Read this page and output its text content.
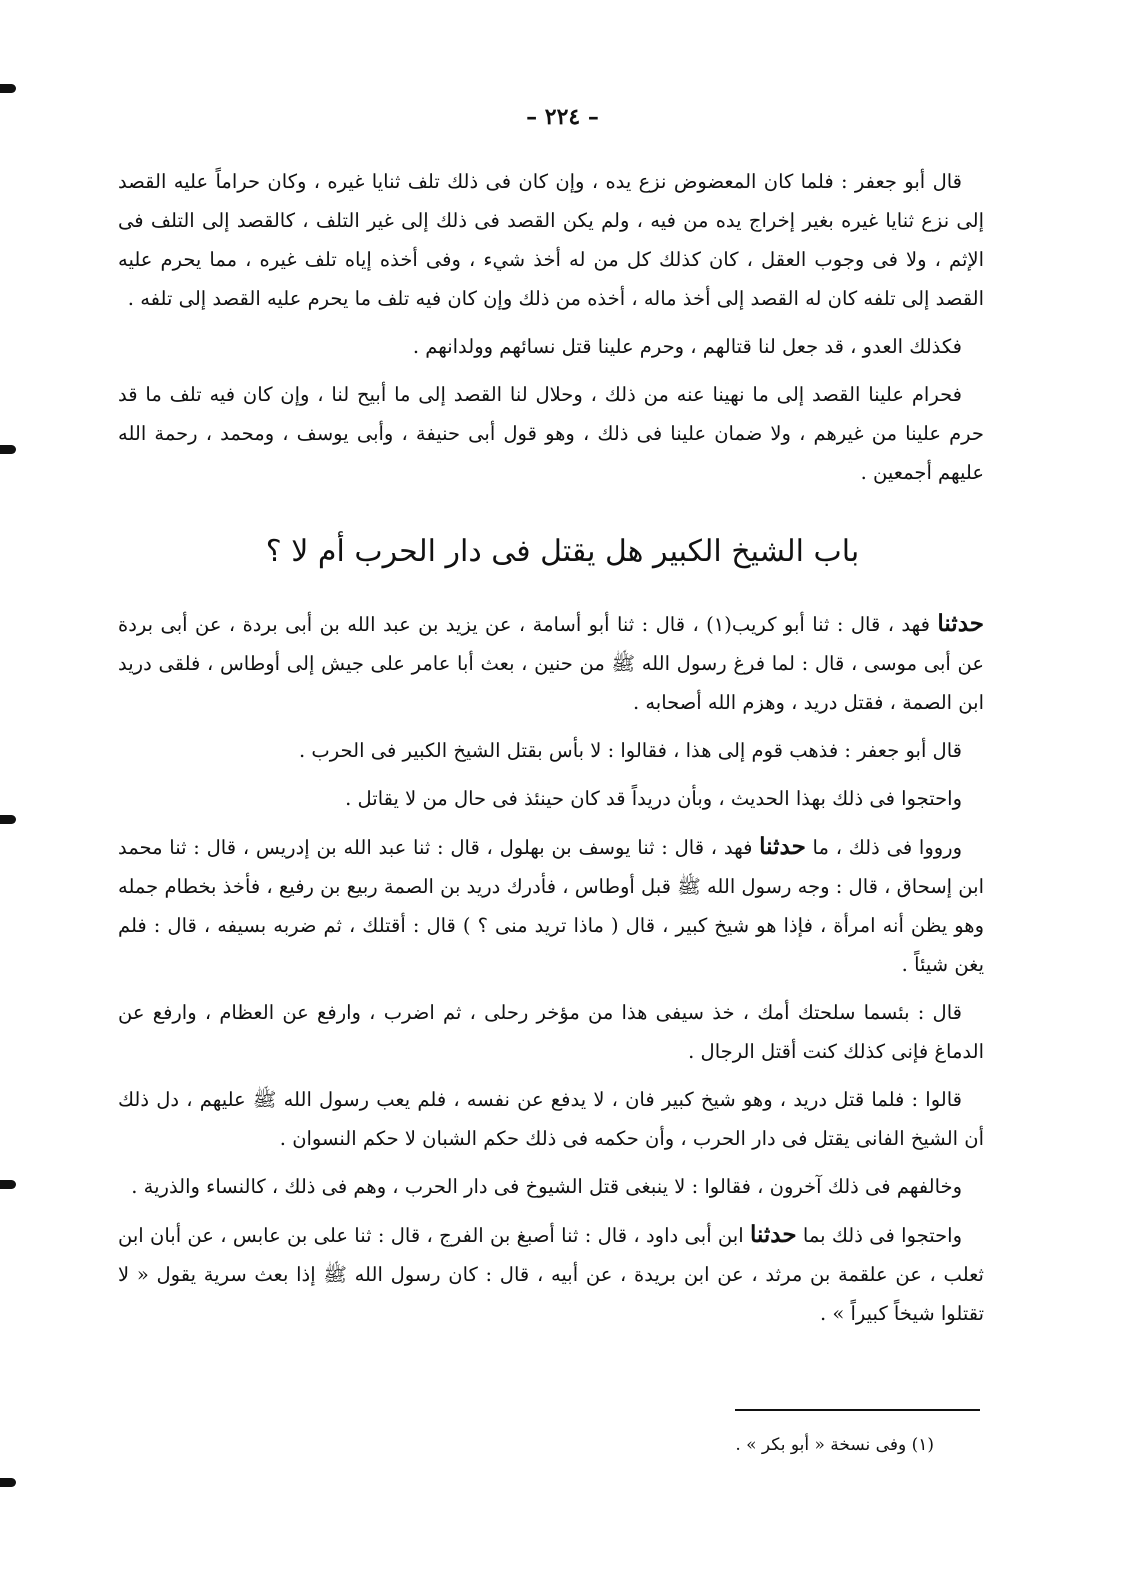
– ٢٢٤ –

قال أبو جعفر : فلما كان المعضوض نزع يده ، وإن كان فى ذلك تلف ثنايا غيره ، وكان حراماً عليه القصد إلى نزع ثنايا غيره بغير إخراج يده من فيه ، ولم يكن القصد فى ذلك إلى غير التلف ، كالقصد إلى التلف فى الإثم ، ولا فى وجوب العقل ، كان كذلك كل من له أخذ شيء ، وفى أخذه إياه تلف غيره ، مما يحرم عليه القصد إلى تلفه كان له القصد إلى أخذ ماله ، أخذه من ذلك وإن كان فيه تلف ما يحرم عليه القصد إلى تلفه .

فكذلك العدو ، قد جعل لنا قتالهم ، وحرم علينا قتل نسائهم وولدانهم .

فحرام علينا القصد إلى ما نهينا عنه من ذلك ، وحلال لنا القصد إلى ما أبيح لنا ، وإن كان فيه تلف ما قد حرم علينا من غيرهم ، ولا ضمان علينا فى ذلك ، وهو قول أبى حنيفة ، وأبى يوسف ، ومحمد ، رحمة الله عليهم أجمعين .

باب الشيخ الكبير هل يقتل فى دار الحرب أم لا ؟

حدثنا فهد ، قال : ثنا أبو كريب(١) ، قال : ثنا أبو أسامة ، عن يزيد بن عبد الله بن أبى بردة ، عن أبى بردة عن أبى موسى ، قال : لما فرغ رسول الله ﷺ من حنين ، بعث أبا عامر على جيش إلى أوطاس ، فلقى دريد ابن الصمة ، فقتل دريد ، وهزم الله أصحابه .

قال أبو جعفر : فذهب قوم إلى هذا ، فقالوا : لا بأس بقتل الشيخ الكبير فى الحرب .

واحتجوا فى ذلك بهذا الحديث ، وبأن دريداً قد كان حينئذ فى حال من لا يقاتل .

ورووا فى ذلك ، ما حدثنا فهد ، قال : ثنا يوسف بن بهلول ، قال : ثنا عبد الله بن إدريس ، قال : ثنا محمد ابن إسحاق ، قال : وجه رسول الله ﷺ قبل أوطاس ، فأدرك دريد بن الصمة ربيع بن رفيع ، فأخذ بخطام جمله وهو يظن أنه امرأة ، فإذا هو شيخ كبير ، قال ( ماذا تريد منى ؟ ) قال : أقتلك ، ثم ضربه بسيفه ، قال : فلم يغن شيئاً .

قال : بئسما سلحتك أمك ، خذ سيفى هذا من مؤخر رحلى ، ثم اضرب ، وارفع عن العظام ، وارفع عن الدماغ فإنى كذلك كنت أقتل الرجال .

قالوا : فلما قتل دريد ، وهو شيخ كبير فان ، لا يدفع عن نفسه ، فلم يعب رسول الله ﷺ عليهم ، دل ذلك أن الشيخ الفانى يقتل فى دار الحرب ، وأن حكمه فى ذلك حكم الشبان لا حكم النسوان .

وخالفهم فى ذلك آخرون ، فقالوا : لا ينبغى قتل الشيوخ فى دار الحرب ، وهم فى ذلك ، كالنساء والذرية .

واحتجوا فى ذلك بما حدثنا ابن أبى داود ، قال : ثنا أصبغ بن الفرج ، قال : ثنا على بن عابس ، عن أبان ابن ثعلب ، عن علقمة بن مرثد ، عن ابن بريدة ، عن أبيه ، قال : كان رسول الله ﷺ إذا بعث سرية يقول « لا تقتلوا شيخاً كبيراً » .

(١) وفى نسخة « أبو بكر » .
